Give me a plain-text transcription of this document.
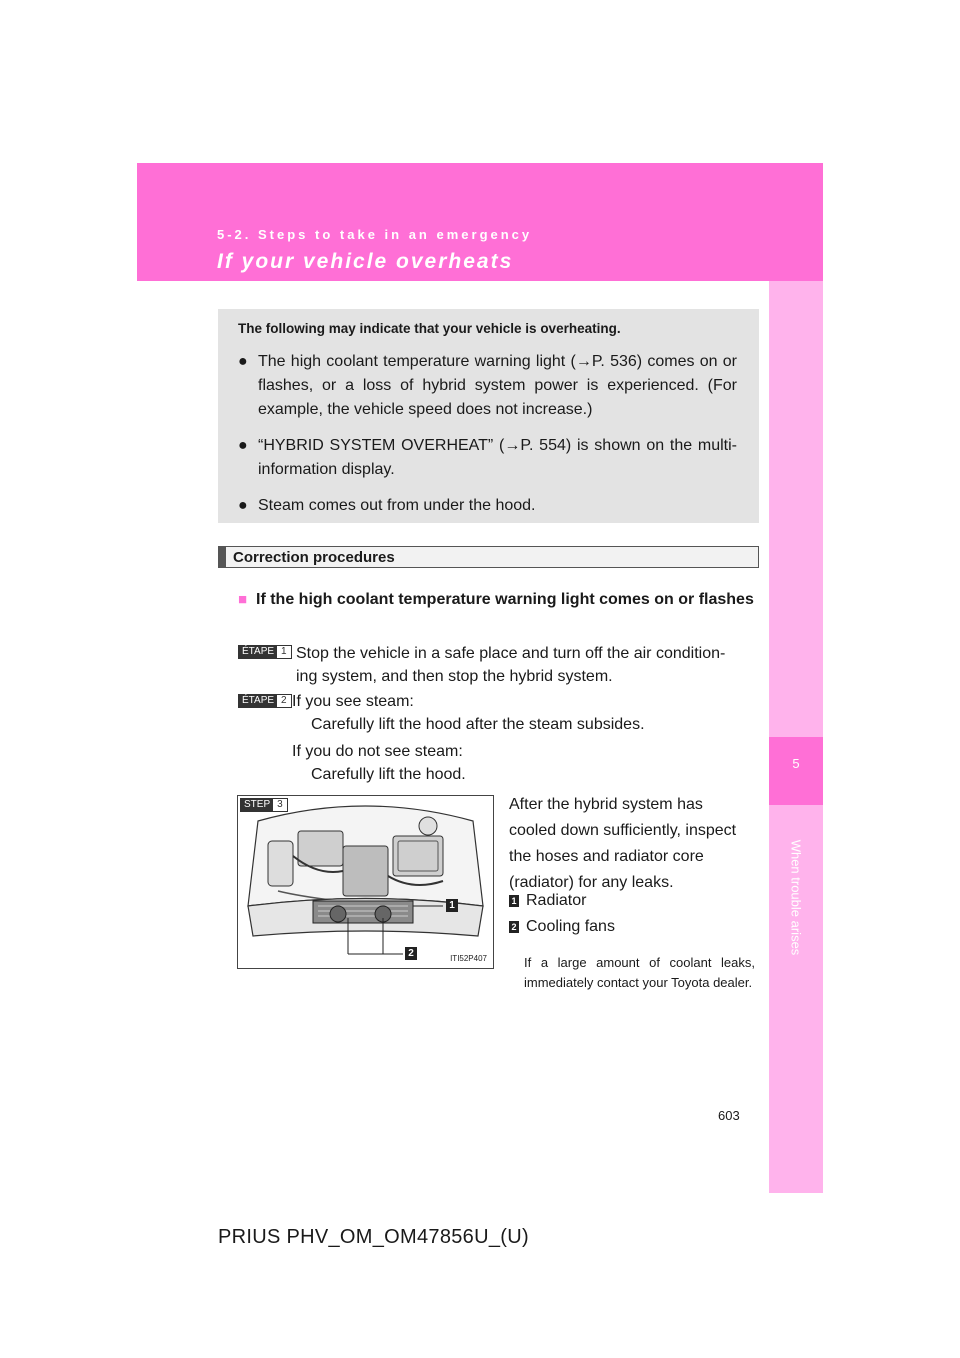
5-2. Steps to take in an emergency
If your vehicle overheats
5
When trouble arises

The following may indicate that your vehicle is overheating.

● The high coolant temperature warning light (→P. 536) comes on or flashes, or a loss of hybrid system power is experienced. (For example, the vehicle speed does not increase.)
● “HYBRID SYSTEM OVERHEAT” (→P. 554) is shown on the multi-information display.
● Steam comes out from under the hood.
Correction procedures
■ If the high coolant temperature warning light comes on or flashes
ÉTAPE 1 Stop the vehicle in a safe place and turn off the air condition-
ing system, and then stop the hybrid system.
ÉTAPE 2 If you see steam:
Carefully lift the hood after the steam subsides.
If you do not see steam:
Carefully lift the hood.
STEP 3
1
2	ITI52P407
After the hybrid system has
cooled down sufficiently, inspect
the hoses and radiator core
(radiator) for any leaks.
1 Radiator
2 Cooling fans
If a large amount of coolant leaks, immediately contact your Toyota dealer.
603
PRIUS PHV_OM_OM47856U_(U)
